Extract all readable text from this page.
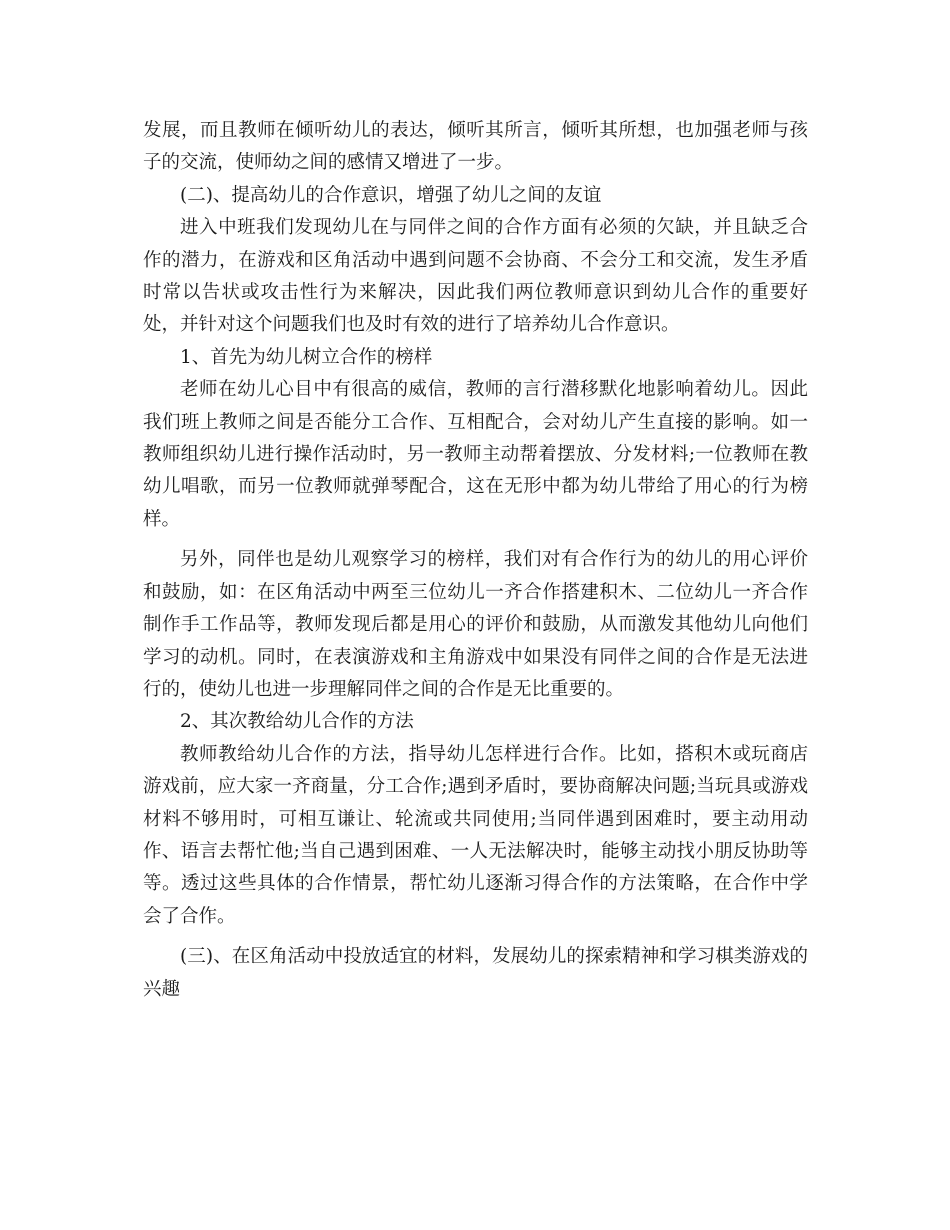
发展，而且教师在倾听幼儿的表达，倾听其所言，倾听其所想，也加强老师与孩子的交流，使师幼之间的感情又增进了一步。

(二)、提高幼儿的合作意识，增强了幼儿之间的友谊

进入中班我们发现幼儿在与同伴之间的合作方面有必须的欠缺，并且缺乏合作的潜力，在游戏和区角活动中遇到问题不会协商、不会分工和交流，发生矛盾时常以告状或攻击性行为来解决，因此我们两位教师意识到幼儿合作的重要好处，并针对这个问题我们也及时有效的进行了培养幼儿合作意识。

1、首先为幼儿树立合作的榜样

老师在幼儿心目中有很高的威信，教师的言行潜移默化地影响着幼儿。因此我们班上教师之间是否能分工合作、互相配合，会对幼儿产生直接的影响。如一教师组织幼儿进行操作活动时，另一教师主动帮着摆放、分发材料;一位教师在教幼儿唱歌，而另一位教师就弹琴配合，这在无形中都为幼儿带给了用心的行为榜样。

另外，同伴也是幼儿观察学习的榜样，我们对有合作行为的幼儿的用心评价和鼓励，如：在区角活动中两至三位幼儿一齐合作搭建积木、二位幼儿一齐合作制作手工作品等，教师发现后都是用心的评价和鼓励，从而激发其他幼儿向他们学习的动机。同时，在表演游戏和主角游戏中如果没有同伴之间的合作是无法进行的，使幼儿也进一步理解同伴之间的合作是无比重要的。

2、其次教给幼儿合作的方法

教师教给幼儿合作的方法，指导幼儿怎样进行合作。比如，搭积木或玩商店游戏前，应大家一齐商量，分工合作;遇到矛盾时，要协商解决问题;当玩具或游戏材料不够用时，可相互谦让、轮流或共同使用;当同伴遇到困难时，要主动用动作、语言去帮忙他;当自己遇到困难、一人无法解决时，能够主动找小朋反协助等等。透过这些具体的合作情景，帮忙幼儿逐渐习得合作的方法策略，在合作中学会了合作。

(三)、在区角活动中投放适宜的材料，发展幼儿的探索精神和学习棋类游戏的兴趣
